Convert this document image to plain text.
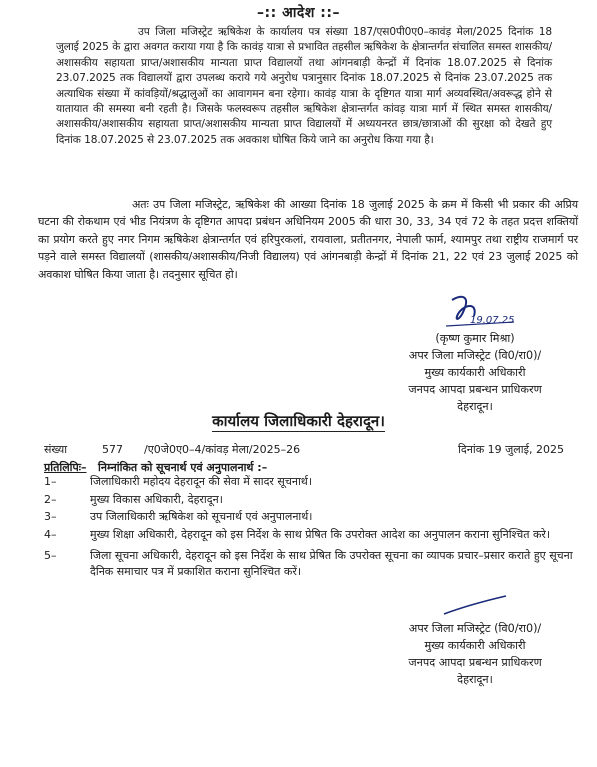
–:: आदेश ::–

उप जिला मजिस्ट्रेट ऋषिकेश के कार्यालय पत्र संख्या 187/एस0पी0ए0–कावंड़ मेला/2025 दिनांक 18 जुलाई 2025 के द्वारा अवगत कराया गया है कि कावंड़ यात्रा से प्रभावित तहसील ऋषिकेश के क्षेत्रान्तर्गत संचालित समस्त शासकीय/अशासकीय सहायता प्राप्त/अशासकीय मान्यता प्राप्त विद्यालयों तथा आंगनबाड़ी केन्द्रों में दिनांक 18.07.2025 से दिनांक 23.07.2025 तक विद्यालयों द्वारा उपलब्ध कराये गये अनुरोध पत्रानुसार दिनांक 18.07.2025 से दिनांक 23.07.2025 तक अत्याधिक संख्या में कांवड़ियों/श्रद्धालुओं का आवागमन बना रहेगा। कावंड़ यात्रा के दृष्टिगत यात्रा मार्ग अव्यवस्थित/अवरूद्ध होने से यातायात की समस्या बनी रहती है। जिसके फलस्वरूप तहसील ऋषिकेश क्षेत्रान्तर्गत कांवड़ यात्रा मार्ग में स्थित समस्त शासकीय/अशासकीय/अशासकीय सहायता प्राप्त/अशासकीय मान्यता प्राप्त विद्यालयों में अध्ययनरत छात्र/छात्राओं की सुरक्षा को देखते हुए दिनांक 18.07.2025 से 23.07.2025 तक अवकाश घोषित किये जाने का अनुरोध किया गया है।

अतः उप जिला मजिस्ट्रेट, ऋषिकेश की आख्या दिनांक 18 जुलाई 2025 के क्रम में किसी भी प्रकार की अप्रिय घटना की रोकथाम एवं भीड नियंत्रण के दृष्टिगत आपदा प्रबंधन अधिनियम 2005 की धारा 30, 33, 34 एवं 72 के तहत प्रदत्त शक्तियों का प्रयोग करते हुए नगर निगम ऋषिकेश क्षेत्रान्तर्गत एवं हरिपुरकलां, रायवाला, प्रतीतनगर, नेपाली फार्म, श्यामपुर तथा राष्ट्रीय राजमार्ग पर पड़ने वाले समस्त विद्यालयों (शासकीय/अशासकीय/निजी विद्यालय) एवं आंगनबाड़ी केन्द्रों में दिनांक 21, 22 एवं 23 जुलाई 2025 को अवकाश घोषित किया जाता है। तदनुसार सूचित हो।

19.07.25
(कृष्ण कुमार मिश्रा)
अपर जिला मजिस्ट्रेट (वि0/रा0)/
मुख्य कार्यकारी अधिकारी
जनपद आपदा प्रबन्धन प्राधिकरण
देहरादून।
कार्यालय जिलाधिकारी देहरादून।
संख्या	577 /ए0जे0ए0–4/कांवड़ मेला/2025–26	दिनांक 19 जुलाई, 2025
प्रतिलिपिः– निम्नांकित को सूचनार्थ एवं अनुपालनार्थ :–
1–	जिलाधिकारी महोदय देहरादून की सेवा में सादर सूचनार्थ।
2–	मुख्य विकास अधिकारी, देहरादून।
3–	उप जिलाधिकारी ऋषिकेश को सूचनार्थ एवं अनुपालनार्थ।
4–	मुख्य शिक्षा अधिकारी, देहरादून को इस निर्देश के साथ प्रेषित कि उपरोक्त आदेश का अनुपालन कराना सुनिश्चित करे।
5–	जिला सूचना अधिकारी, देहरादून को इस निर्देश के साथ प्रेषित कि उपरोक्त सूचना का व्यापक प्रचार–प्रसार कराते हुए सूचना दैनिक समाचार पत्र में प्रकाशित कराना सुनिश्चित करें।
अपर जिला मजिस्ट्रेट (वि0/रा0)/
मुख्य कार्यकारी अधिकारी
जनपद आपदा प्रबन्धन प्राधिकरण
देहरादून।
